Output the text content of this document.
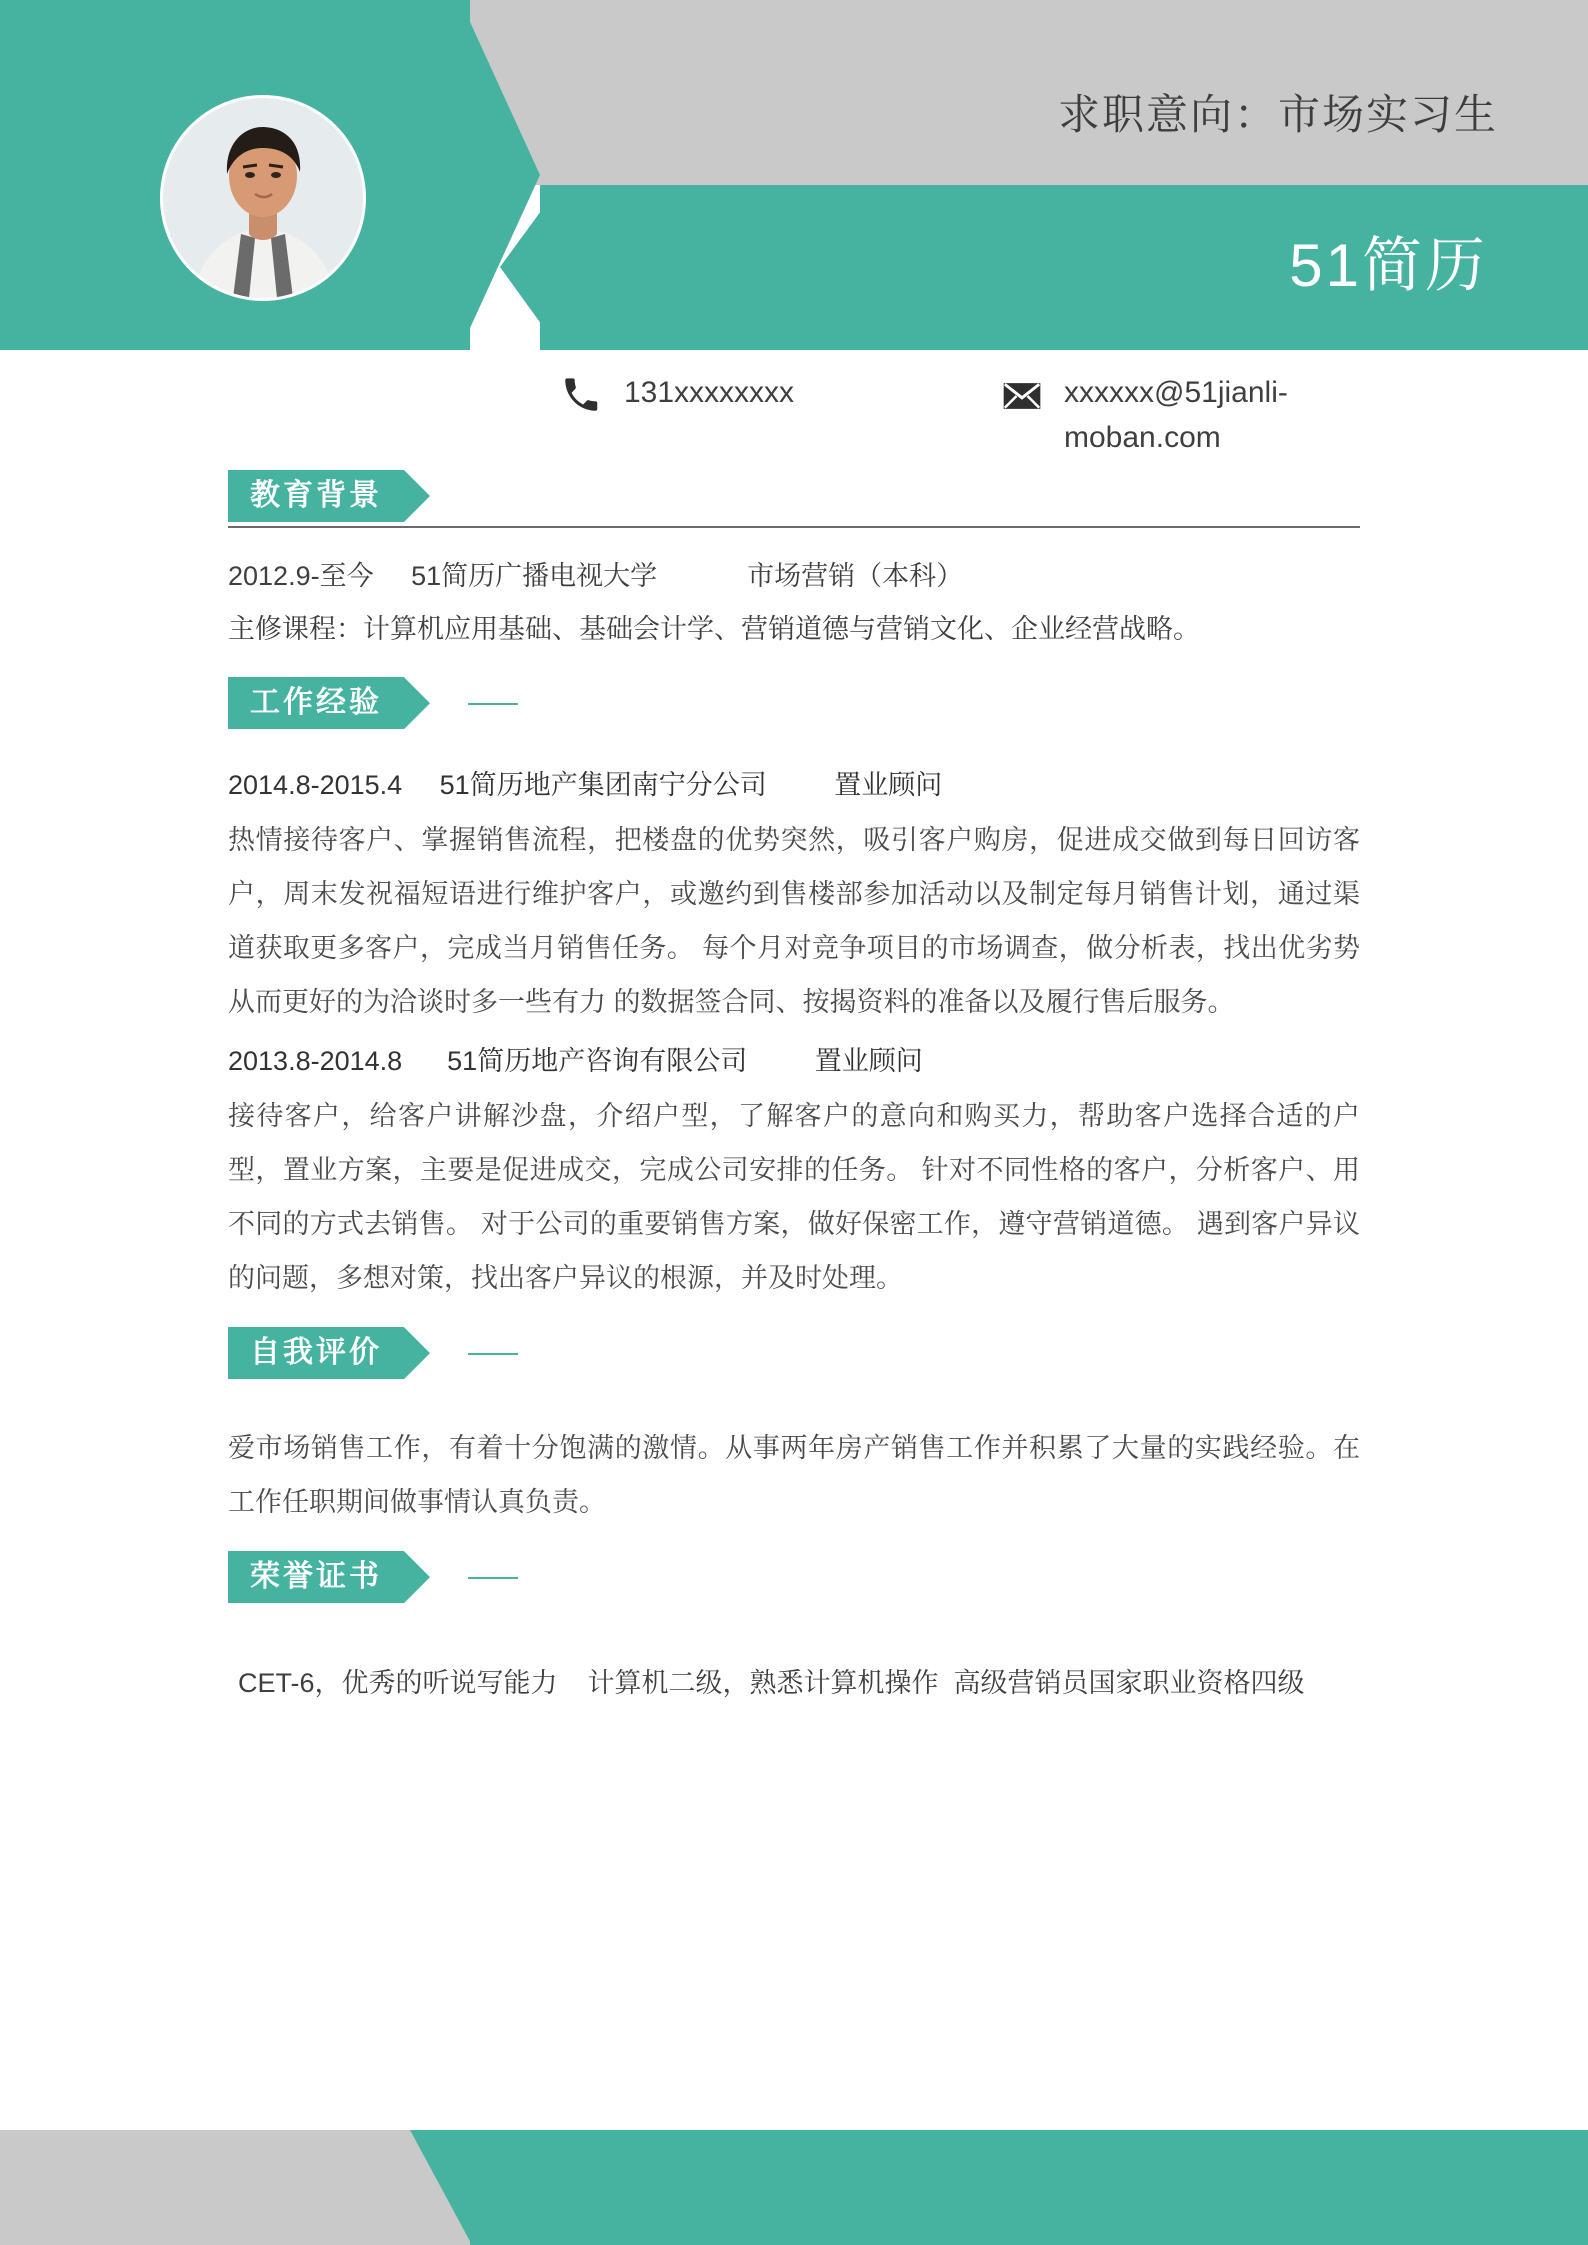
求职意向：市场实习生
51简历
131xxxxxxxx	xxxxxx@51jianli-moban.com
教育背景
2012.9-至今     51简历广播电视大学            市场营销（本科）
主修课程：计算机应用基础、基础会计学、营销道德与营销文化、企业经营战略。
工作经验
2014.8-2015.4     51简历地产集团南宁分公司         置业顾问
热情接待客户、掌握销售流程，把楼盘的优势突然，吸引客户购房，促进成交做到每日回访客户，周末发祝福短语进行维护客户，或邀约到售楼部参加活动以及制定每月销售计划，通过渠道获取更多客户，完成当月销售任务。 每个月对竞争项目的市场调查，做分析表，找出优劣势从而更好的为洽谈时多一些有力 的数据签合同、按揭资料的准备以及履行售后服务。
2013.8-2014.8      51简历地产咨询有限公司         置业顾问
接待客户，给客户讲解沙盘，介绍户型，了解客户的意向和购买力，帮助客户选择合适的户型，置业方案，主要是促进成交，完成公司安排的任务。 针对不同性格的客户，分析客户、用不同的方式去销售。 对于公司的重要销售方案，做好保密工作，遵守营销道德。 遇到客户异议的问题，多想对策，找出客户异议的根源，并及时处理。
自我评价
爱市场销售工作，有着十分饱满的激情。从事两年房产销售工作并积累了大量的实践经验。在工作任职期间做事情认真负责。
荣誉证书
CET-6，优秀的听说写能力    计算机二级，熟悉计算机操作  高级营销员国家职业资格四级
